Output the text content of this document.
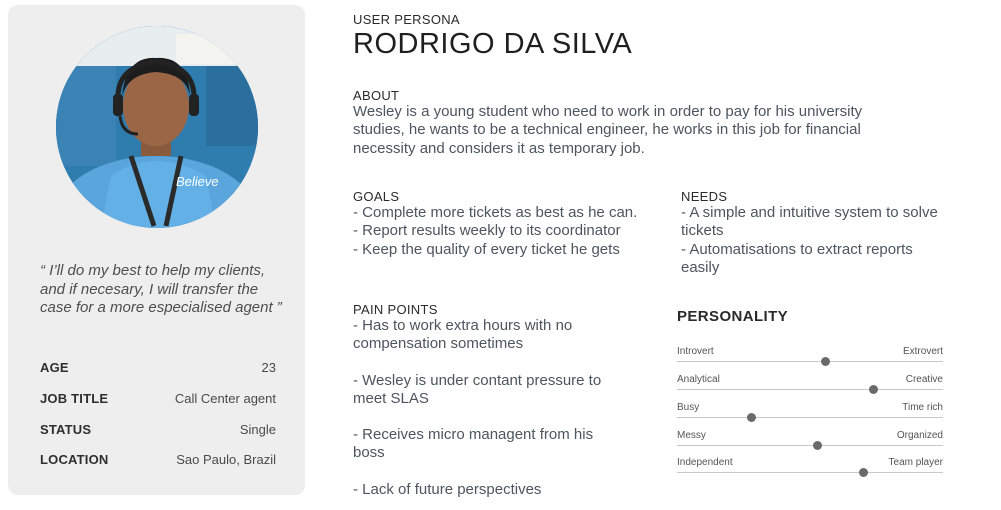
Believe
“ I’ll do my best to help my clients, and if necesary, I will transfer the case for a more especialised agent ”
AGE	23
JOB TITLE	Call Center agent
STATUS	Single
LOCATION	Sao Paulo, Brazil
USER PERSONA
RODRIGO DA SILVA
ABOUT
Wesley is a young student who need to work in order to pay for his university studies, he wants to be a technical engineer, he works in this job for financial necessity and considers it as temporary job.
GOALS
- Complete more tickets as best as he can.
- Report results weekly to its coordinator
- Keep the quality of every ticket he gets
NEEDS
- A simple and intuitive system to solve tickets
- Automatisations to extract reports easily
PAIN POINTS
- Has to work extra hours with no compensation sometimes
- Wesley is under contant pressure to meet SLAS
- Receives micro managent from his boss
- Lack of future perspectives
PERSONALITY
Introvert	Extrovert
Analytical	Creative
Busy	Time rich
Messy	Organized
Independent	Team player
